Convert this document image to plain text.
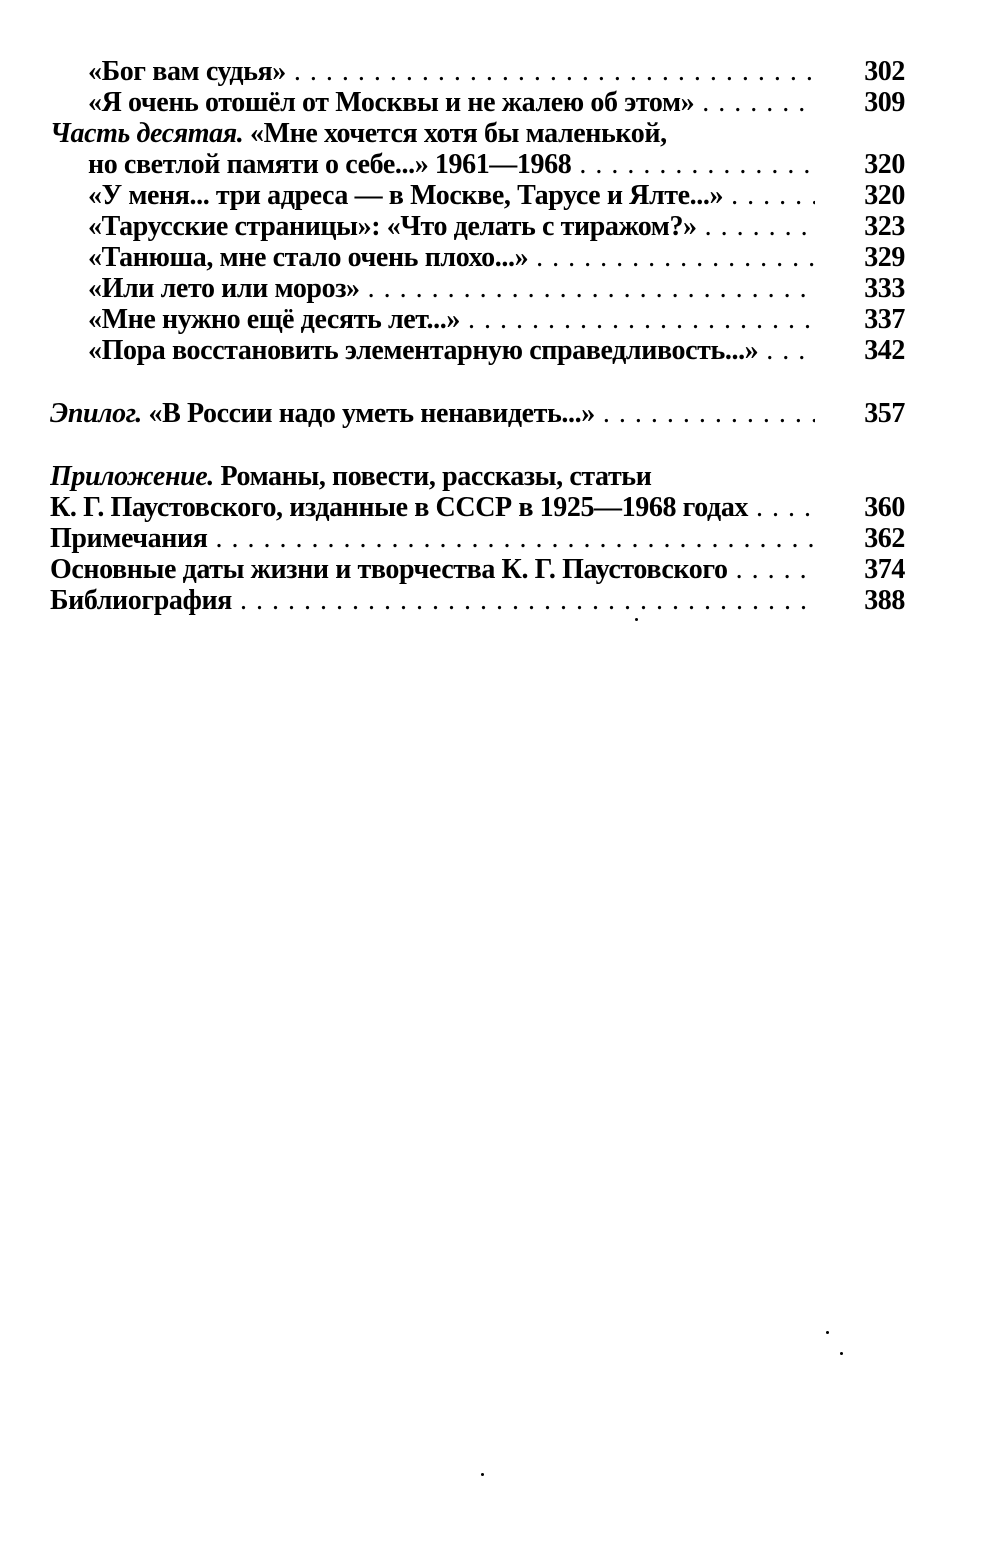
«Бог вам судья» . . .	302
«Я очень отошёл от Москвы и не жалею об этом» . . .	309
Часть десятая. «Мне хочется хотя бы маленькой,
но светлой памяти о себе...» 1961—1968 . . .	320
«У меня... три адреса — в Москве, Тарусе и Ялте...» . . .	320
«Тарусские страницы»: «Что делать с тиражом?» . . .	323
«Танюша, мне стало очень плохо...» . . .	329
«Или лето или мороз» . . .	333
«Мне нужно ещё десять лет...» . . .	337
«Пора восстановить элементарную справедливость...» . . .	342
Эпилог. «В России надо уметь ненавидеть...» . . .	357
Приложение. Романы, повести, рассказы, статьи
К. Г. Паустовского, изданные в СССР в 1925—1968 годах . . .	360
Примечания . . .	362
Основные даты жизни и творчества К. Г. Паустовского . . .	374
Библиография . . .	388
